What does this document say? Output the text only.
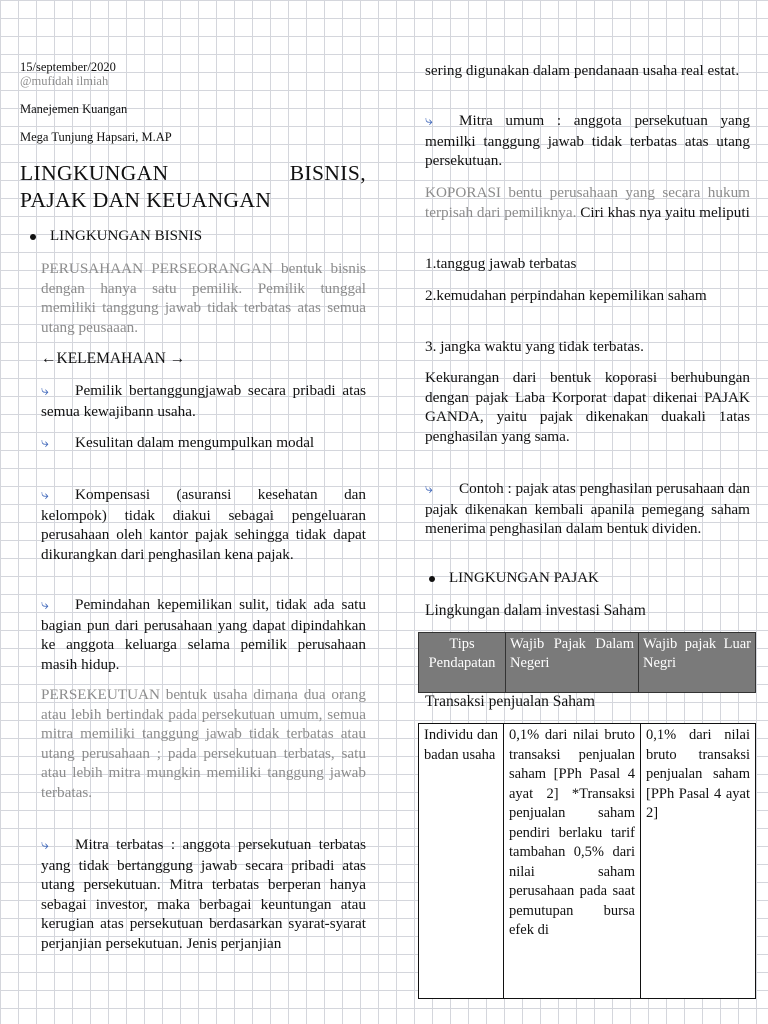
15/september/2020
@mufidah ilmiah
Manejemen Kuangan
Mega Tunjung Hapsari, M.AP
LINGKUNGAN	BISNIS,
PAJAK DAN KEUANGAN
LINGKUNGAN BISNIS

PERUSAHAAN PERSEORANGAN bentuk bisnis dengan hanya satu pemilik. Pemilik tunggal memiliki tanggung jawab tidak terbatas atas semua utang peusaaan.

←KELEMAHAAN →

⤷ Pemilik bertanggungjawab secara pribadi atas semua kewajibann usaha.

⤷ Kesulitan dalam mengumpulkan modal

⤷ Kompensasi (asuransi kesehatan dan kelompok) tidak diakui sebagai pengeluaran perusahaan oleh kantor pajak sehingga tidak dapat dikurangkan dari penghasilan kena pajak.

⤷ Pemindahan kepemilikan sulit, tidak ada satu bagian pun dari perusahaan yang dapat dipindahkan ke anggota keluarga selama pemilik perusahaan masih hidup.

PERSEKEUTUAN bentuk usaha dimana dua orang atau lebih bertindak pada persekutuan umum, semua mitra memiliki tanggung jawab tidak terbatas atau utang perusahaan ; pada persekutuan terbatas, satu atau lebih mitra mungkin memiliki tanggung jawab terbatas.

⤷ Mitra terbatas : anggota persekutuan terbatas yang tidak bertanggung jawab secara pribadi atas utang persekutuan. Mitra terbatas berperan hanya sebagai investor, maka berbagai keuntungan atau kerugian atas persekutuan berdasarkan syarat-syarat perjanjian persekutuan. Jenis perjanjian

sering digunakan dalam pendanaan usaha real estat.

⤷ Mitra umum : anggota persekutuan yang memilki tanggung jawab tidak terbatas atas utang persekutuan.

KOPORASI bentu perusahaan yang secara hukum terpisah dari pemiliknya. Ciri khas nya yaitu meliputi

1.tanggug jawab terbatas

2.kemudahan perpindahan kepemilikan saham

3. jangka waktu yang tidak terbatas.

Kekurangan dari bentuk koporasi berhubungan dengan pajak Laba Korporat dapat dikenai PAJAK GANDA, yaitu pajak dikenakan duakali 1atas penghasilan yang sama.

⤷ Contoh : pajak atas penghasilan perusahaan dan pajak dikenakan kembali apanila pemegang saham menerima penghasilan dalam bentuk dividen.

LINGKUNGAN PAJAK
Lingkungan dalam investasi Saham
Transaksi penjualan Saham
Tips Pendapatan	Wajib Pajak Dalam Negeri	Wajib pajak Luar Negri
Individu dan badan usaha	0,1% dari nilai bruto transaksi penjualan saham [PPh Pasal 4 ayat 2] *Transaksi penjualan saham pendiri berlaku tarif tambahan 0,5% dari nilai saham perusahaan pada saat pemutupan bursa efek di	0,1% dari nilai bruto transaksi penjualan saham [PPh Pasal 4 ayat 2]
